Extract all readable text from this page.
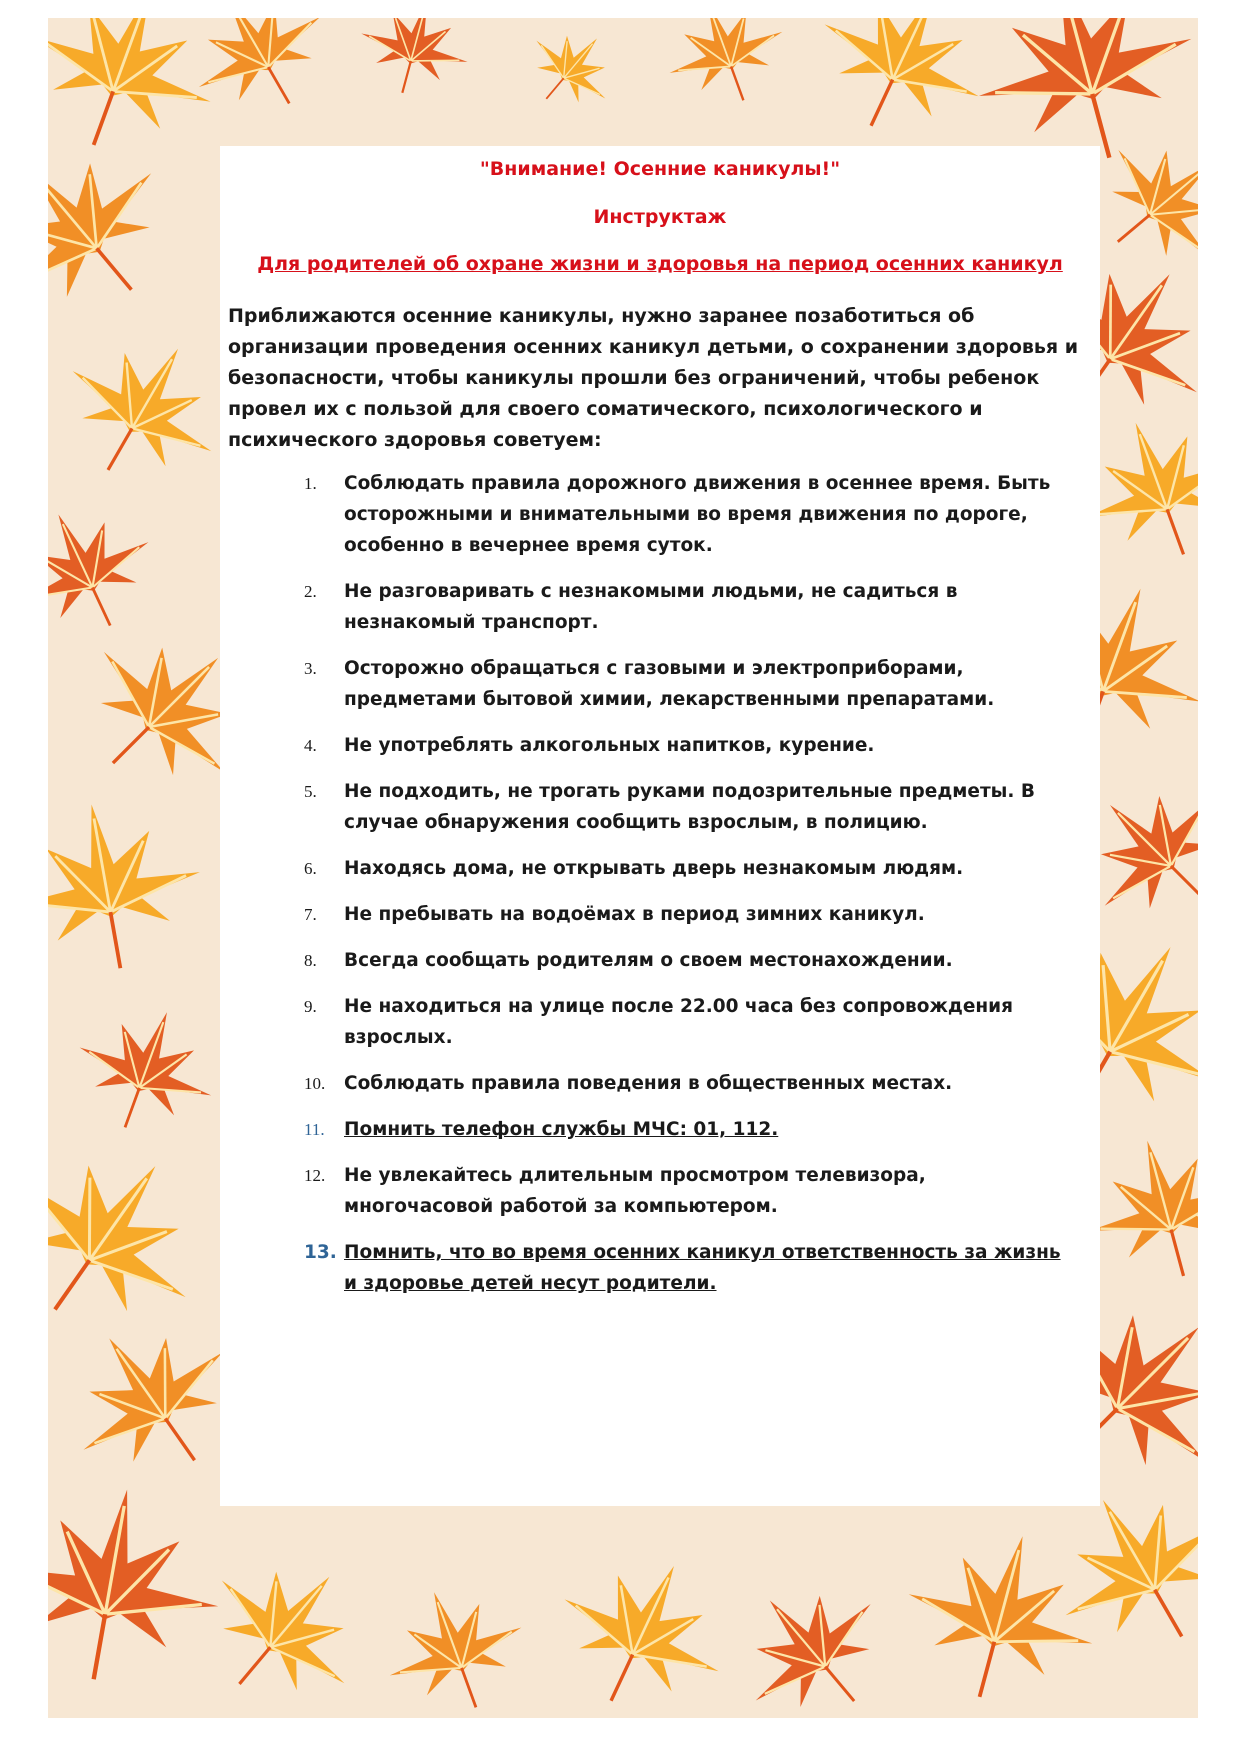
"Внимание! Осенние каникулы!"
Инструктаж
Для родителей об охране жизни и здоровья на период осенних каникул
Приближаются осенние каникулы, нужно заранее позаботиться об организации проведения осенних каникул детьми, о сохранении здоровья и безопасности, чтобы каникулы прошли без ограничений, чтобы ребенок провел их с пользой для своего соматического, психологического и психического здоровья советуем:
1.	Соблюдать правила дорожного движения в осеннее время. Быть осторожными и внимательными во время движения по дороге, особенно в вечернее время суток.
2.	Не разговаривать с незнакомыми людьми, не садиться в незнакомый транспорт.
3.	Осторожно обращаться с газовыми и электроприборами, предметами бытовой химии, лекарственными препаратами.
4.	Не употреблять алкогольных напитков, курение.
5.	Не подходить, не трогать руками подозрительные предметы. В случае обнаружения сообщить взрослым, в полицию.
6.	Находясь дома, не открывать дверь незнакомым людям.
7.	Не пребывать на водоёмах в период зимних каникул.
8.	Всегда сообщать родителям о своем местонахождении.
9.	Не находиться на улице после 22.00 часа без сопровождения взрослых.
10.	Соблюдать правила поведения в общественных местах.
11.	Помнить телефон службы МЧС: 01, 112.
12.	Не увлекайтесь длительным просмотром телевизора, многочасовой работой за компьютером.
13. Помнить, что во время осенних каникул ответственность за жизнь и здоровье детей несут родители.
